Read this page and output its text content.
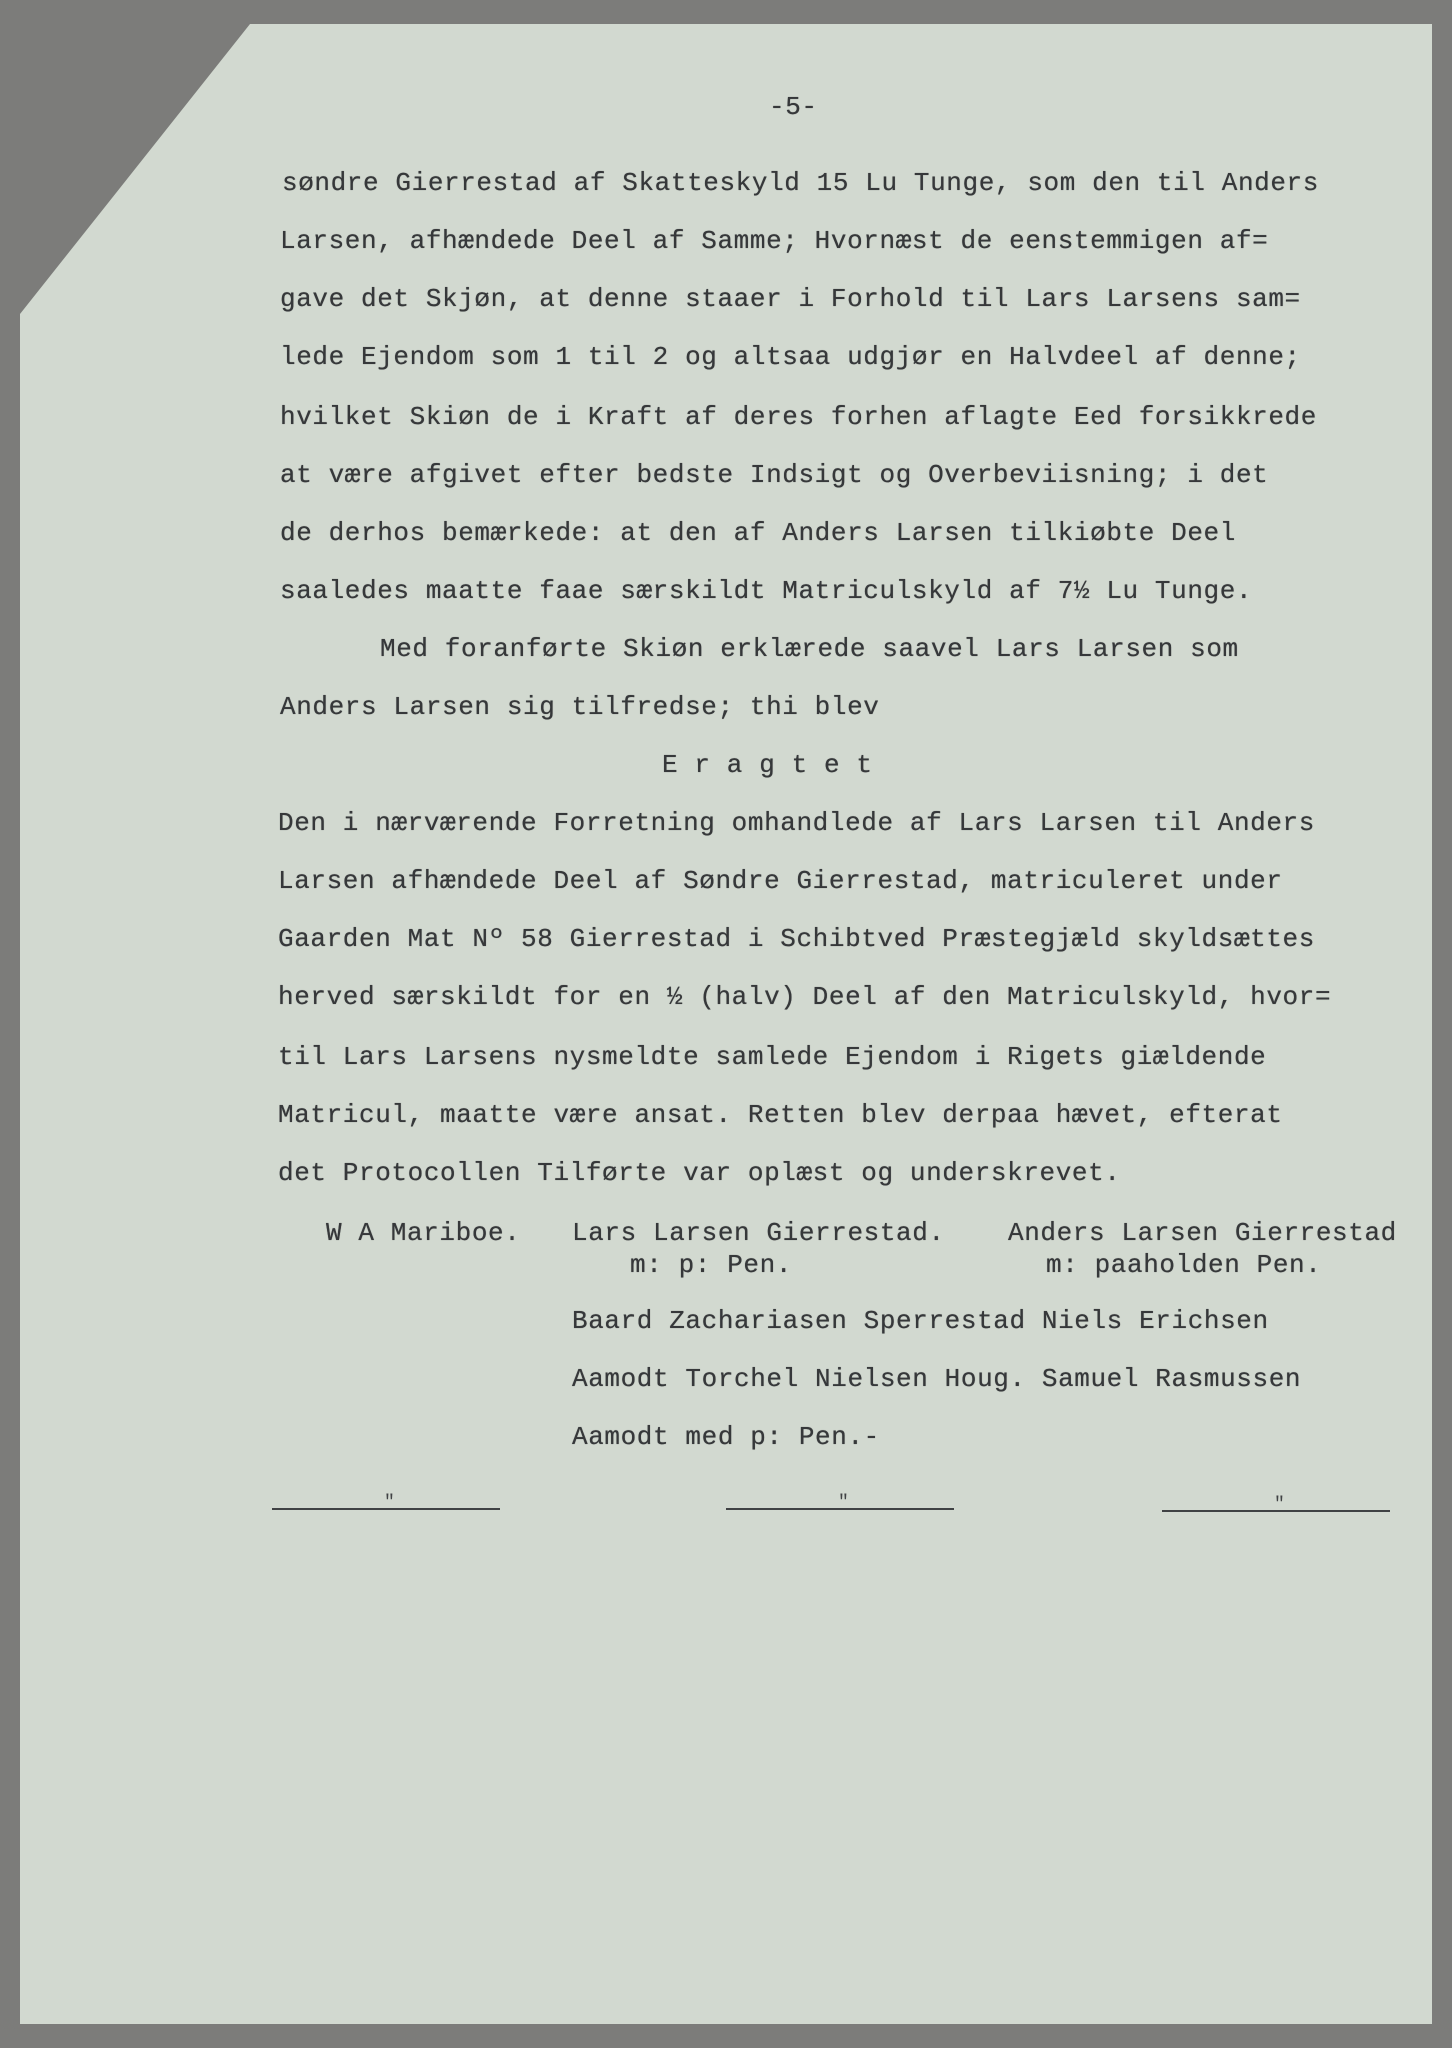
-5-
søndre Gierrestad af Skatteskyld 15 Lu Tunge, som den til Anders
Larsen, afhændede Deel af Samme; Hvornæst de eenstemmigen af=
gave det Skjøn, at denne staaer i Forhold til Lars Larsens sam=
lede Ejendom som 1 til 2 og altsaa udgjør en Halvdeel af denne;
hvilket Skiøn de i Kraft af deres forhen aflagte Eed forsikkrede
at være afgivet efter bedste Indsigt og Overbeviisning; i det
de derhos bemærkede: at den af Anders Larsen tilkiøbte Deel
saaledes maatte faae særskildt Matriculskyld af 7½ Lu Tunge.
Med foranførte Skiøn erklærede saavel Lars Larsen som
Anders Larsen sig tilfredse; thi blev
E r a g t e t
Den i nærværende Forretning omhandlede af Lars Larsen til Anders
Larsen afhændede Deel af Søndre Gierrestad, matriculeret under
Gaarden Mat Nº 58 Gierrestad i Schibtved Præstegjæld skyldsættes
herved særskildt for en ½ (halv) Deel af den Matriculskyld, hvor=
til Lars Larsens nysmeldte samlede Ejendom i Rigets giældende
Matricul, maatte være ansat. Retten blev derpaa hævet, efterat
det Protocollen Tilførte var oplæst og underskrevet.
W A Mariboe. Lars Larsen Gierrestad.
m: p: Pen.
Anders Larsen Gierrestad
m: paaholden Pen.
Baard Zachariasen Sperrestad Niels Erichsen
Aamodt Torchel Nielsen Houg. Samuel Rasmussen
Aamodt med p: Pen.-
"	"	"
